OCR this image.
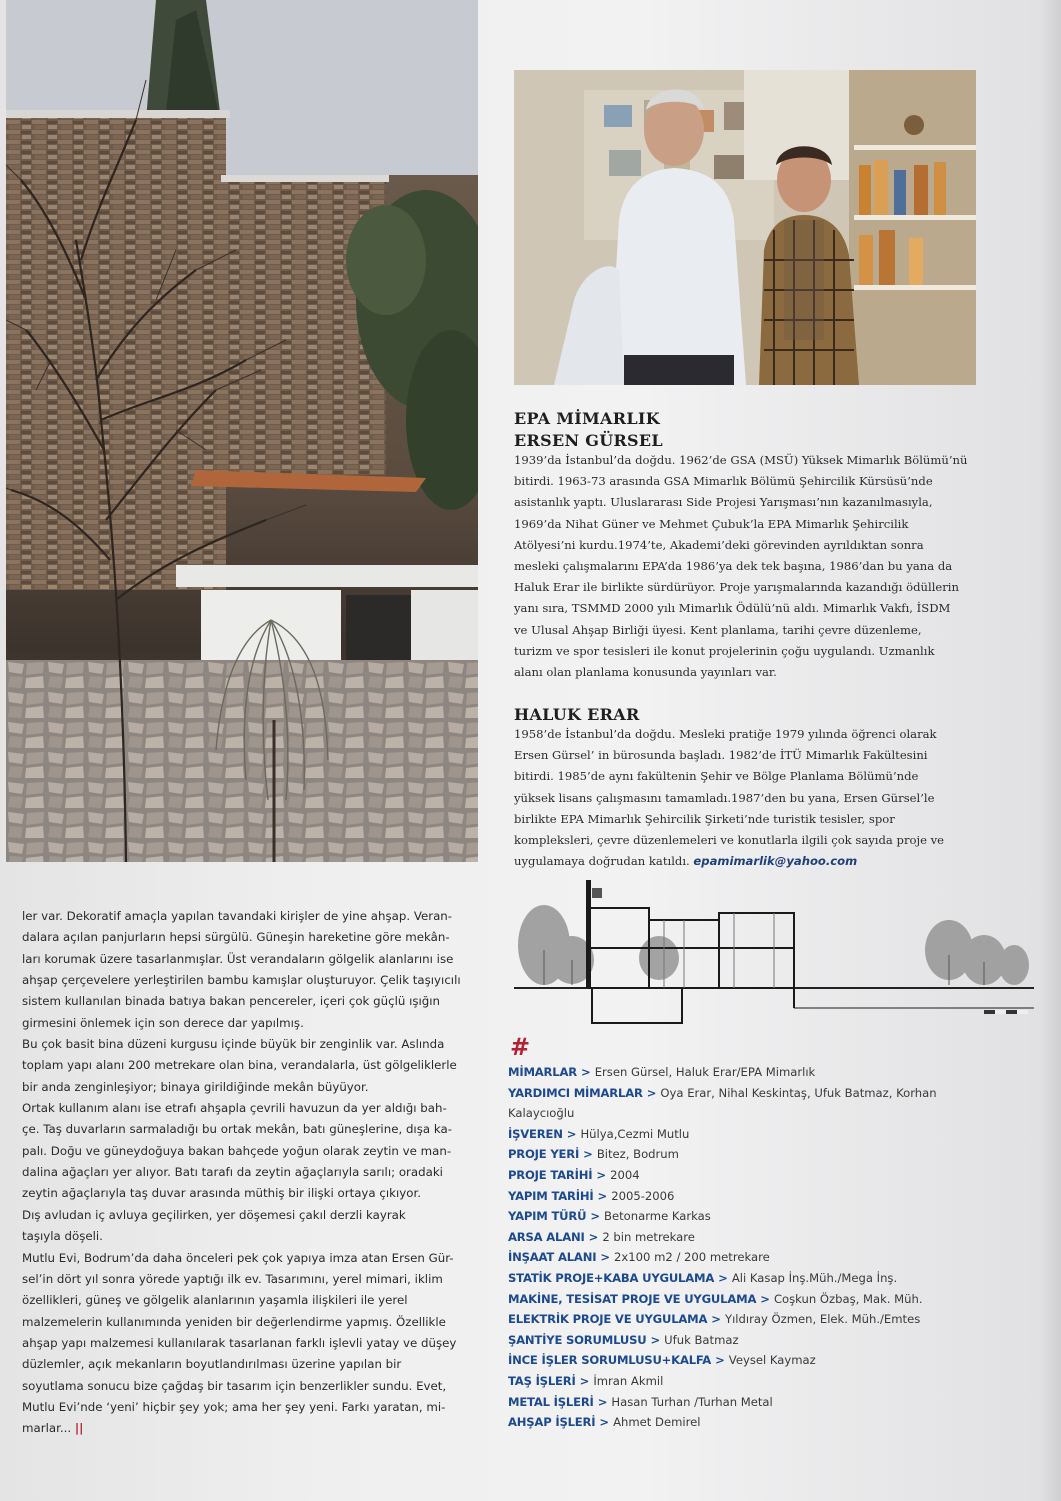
EPA MİMARLIK
ERSEN GÜRSEL
1939’da İstanbul’da doğdu. 1962’de GSA (MSÜ) Yüksek Mimarlık Bölümü’nü
bitirdi. 1963-73 arasında GSA Mimarlık Bölümü Şehircilik Kürsüsü’nde
asistanlık yaptı. Uluslararası Side Projesi Yarışması’nın kazanılmasıyla,
1969’da Nihat Güner ve Mehmet Çubuk’la EPA Mimarlık Şehircilik
Atölyesi’ni kurdu.1974’te, Akademi’deki görevinden ayrıldıktan sonra
mesleki çalışmalarını EPA’da 1986’ya dek tek başına, 1986’dan bu yana da
Haluk Erar ile birlikte sürdürüyor. Proje yarışmalarında kazandığı ödüllerin
yanı sıra, TSMMD 2000 yılı Mimarlık Ödülü’nü aldı. Mimarlık Vakfı, İSDM
ve Ulusal Ahşap Birliği üyesi. Kent planlama, tarihi çevre düzenleme,
turizm ve spor tesisleri ile konut projelerinin çoğu uygulandı. Uzmanlık
alanı olan planlama konusunda yayınları var.
HALUK ERAR
1958’de İstanbul’da doğdu. Mesleki pratiğe 1979 yılında öğrenci olarak
Ersen Gürsel’ in bürosunda başladı. 1982’de İTÜ Mimarlık Fakültesini
bitirdi. 1985’de aynı fakültenin Şehir ve Bölge Planlama Bölümü’nde
yüksek lisans çalışmasını tamamladı.1987’den bu yana, Ersen Gürsel’le
birlikte EPA Mimarlık Şehircilik Şirketi’nde turistik tesisler, spor
kompleksleri, çevre düzenlemeleri ve konutlarla ilgili çok sayıda proje ve
uygulamaya doğrudan katıldı. epamimarlik@yahoo.com
ler var. Dekoratif amaçla yapılan tavandaki kirişler de yine ahşap. Veran-
dalara açılan panjurların hepsi sürgülü. Güneşin hareketine göre mekân-
ları korumak üzere tasarlanmışlar. Üst verandaların gölgelik alanlarını ise
ahşap çerçevelere yerleştirilen bambu kamışlar oluşturuyor. Çelik taşıyıcılı
sistem kullanılan binada batıya bakan pencereler, içeri çok güçlü ışığın
girmesini önlemek için son derece dar yapılmış.
Bu çok basit bina düzeni kurgusu içinde büyük bir zenginlik var. Aslında
toplam yapı alanı 200 metrekare olan bina, verandalarla, üst gölgeliklerle
bir anda zenginleşiyor; binaya girildiğinde mekân büyüyor.
Ortak kullanım alanı ise etrafı ahşapla çevrili havuzun da yer aldığı bah-
çe. Taş duvarların sarmaladığı bu ortak mekân, batı güneşlerine, dışa ka-
palı. Doğu ve güneydoğuya bakan bahçede yoğun olarak zeytin ve man-
dalina ağaçları yer alıyor. Batı tarafı da zeytin ağaçlarıyla sarılı; oradaki
zeytin ağaçlarıyla taş duvar arasında müthiş bir ilişki ortaya çıkıyor.
Dış avludan iç avluya geçilirken, yer döşemesi çakıl derzli kayrak
taşıyla döşeli.
Mutlu Evi, Bodrum’da daha önceleri pek çok yapıya imza atan Ersen Gür-
sel’in dört yıl sonra yörede yaptığı ilk ev. Tasarımını, yerel mimari, iklim
özellikleri, güneş ve gölgelik alanlarının yaşamla ilişkileri ile yerel
malzemelerin kullanımında yeniden bir değerlendirme yapmış. Özellikle
ahşap yapı malzemesi kullanılarak tasarlanan farklı işlevli yatay ve düşey
düzlemler, açık mekanların boyutlandırılması üzerine yapılan bir
soyutlama sonucu bize çağdaş bir tasarım için benzerlikler sundu. Evet,
Mutlu Evi’nde ‘yeni’ hiçbir şey yok; ama her şey yeni. Farkı yaratan, mi-
marlar... ||
#
MİMARLAR > Ersen Gürsel, Haluk Erar/EPA Mimarlık
YARDIMCI MİMARLAR > Oya Erar, Nihal Keskintaş, Ufuk Batmaz, Korhan
Kalaycıoğlu
İŞVEREN > Hülya,Cezmi Mutlu
PROJE YERİ > Bitez, Bodrum
PROJE TARİHİ > 2004
YAPIM TARİHİ > 2005-2006
YAPIM TÜRÜ > Betonarme Karkas
ARSA ALANI > 2 bin metrekare
İNŞAAT ALANI > 2x100 m2 / 200 metrekare
STATİK PROJE+KABA UYGULAMA > Ali Kasap İnş.Müh./Mega İnş.
MAKİNE, TESİSAT PROJE VE UYGULAMA > Coşkun Özbaş, Mak. Müh.
ELEKTRİK PROJE VE UYGULAMA > Yıldıray Özmen, Elek. Müh./Emtes
ŞANTİYE SORUMLUSU > Ufuk Batmaz
İNCE İŞLER SORUMLUSU+KALFA > Veysel Kaymaz
TAŞ İŞLERİ > İmran Akmil
METAL İŞLERİ > Hasan Turhan /Turhan Metal
AHŞAP İŞLERİ > Ahmet Demirel
